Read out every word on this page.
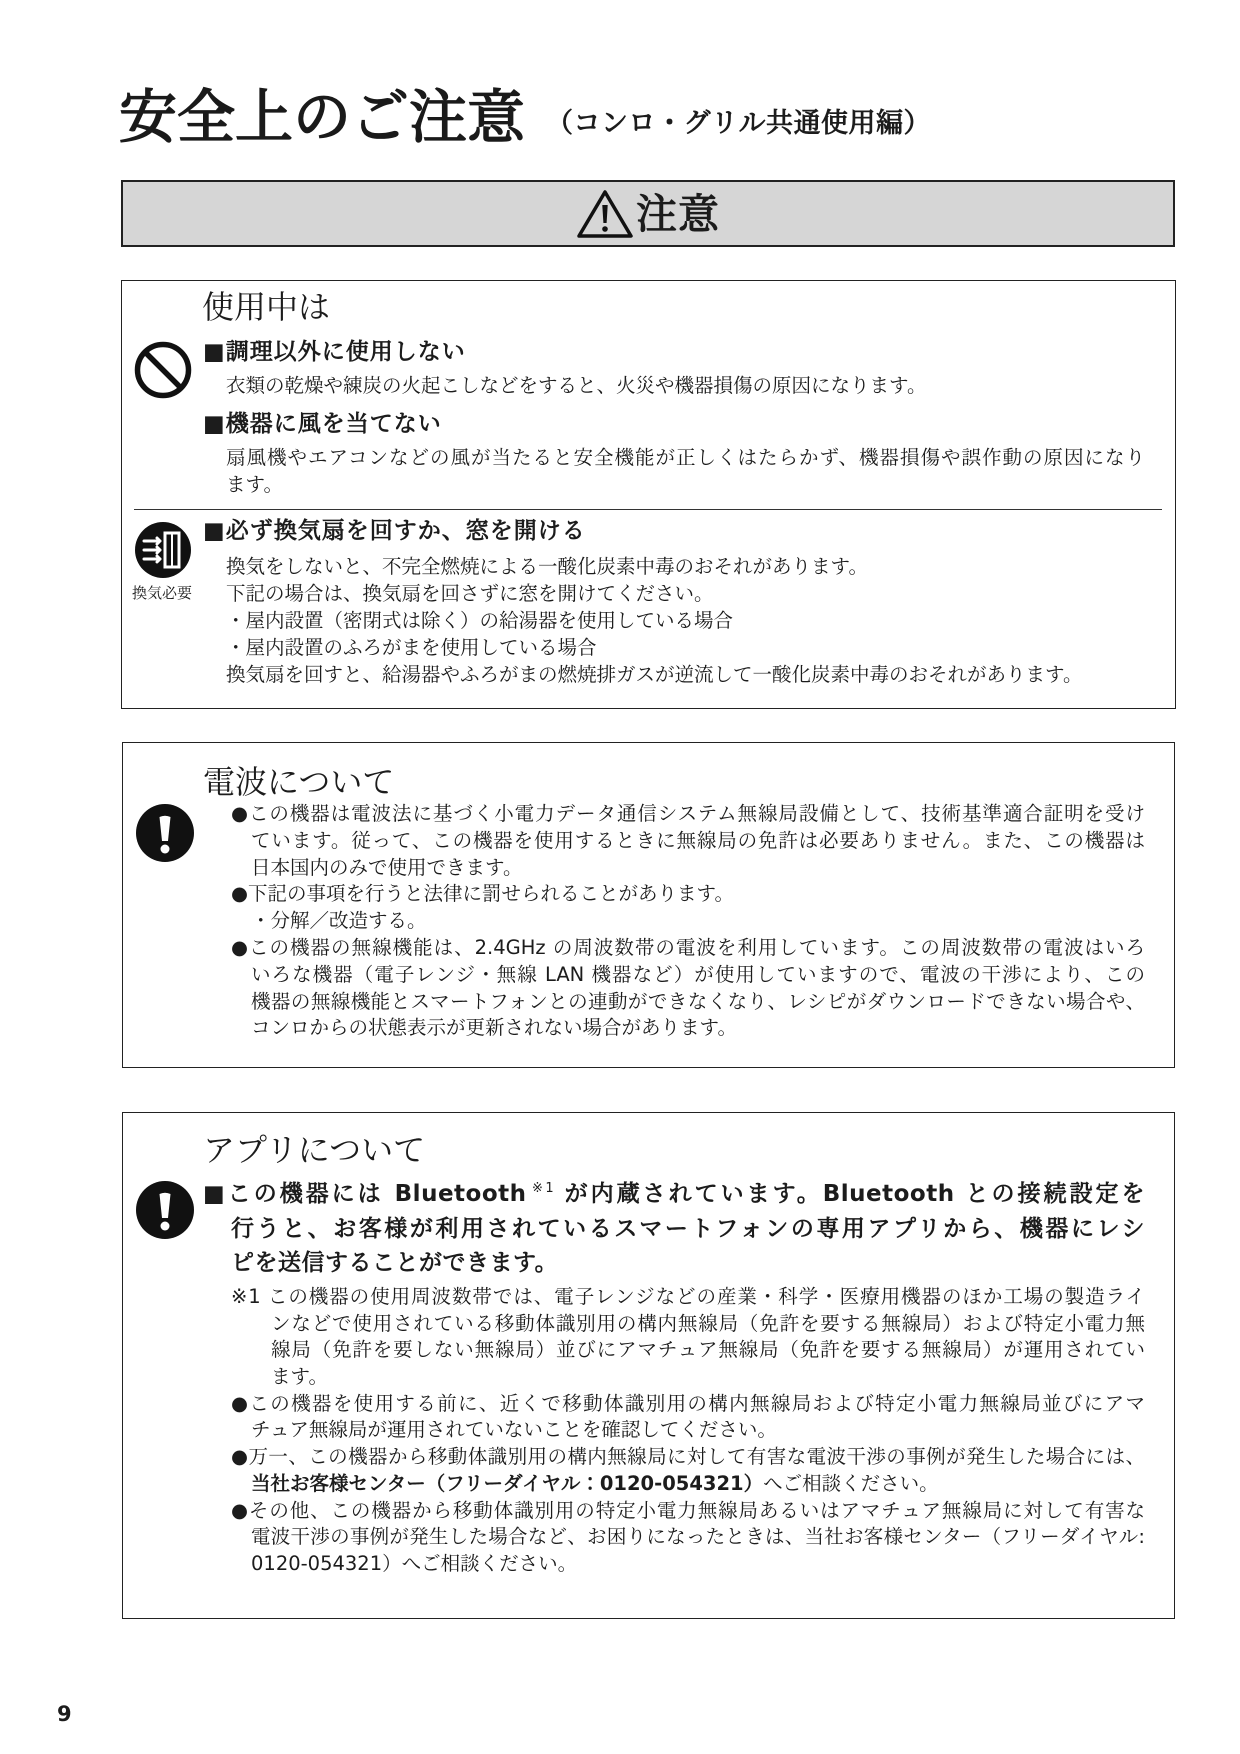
安全上のご注意 （コンロ・グリル共通使用編）
注意
使用中は
■調理以外に使用しない
衣類の乾燥や練炭の火起こしなどをすると、火災や機器損傷の原因になります。
■機器に風を当てない
扇風機やエアコンなどの風が当たると安全機能が正しくはたらかず、機器損傷や誤作動の原因になり
ます。
換気必要
■必ず換気扇を回すか、窓を開ける
換気をしないと、不完全燃焼による一酸化炭素中毒のおそれがあります。
下記の場合は、換気扇を回さずに窓を開けてください。
・屋内設置（密閉式は除く）の給湯器を使用している場合
・屋内設置のふろがまを使用している場合
換気扇を回すと、給湯器やふろがまの燃焼排ガスが逆流して一酸化炭素中毒のおそれがあります。
電波について
●この機器は電波法に基づく小電力データ通信システム無線局設備として、技術基準適合証明を受け
ています。従って、この機器を使用するときに無線局の免許は必要ありません。また、この機器は
日本国内のみで使用できます。
●下記の事項を行うと法律に罰せられることがあります。
・分解／改造する。
●この機器の無線機能は、2.4GHz の周波数帯の電波を利用しています。この周波数帯の電波はいろ
いろな機器（電子レンジ・無線 LAN 機器など）が使用していますので、電波の干渉により、この
機器の無線機能とスマートフォンとの連動ができなくなり、レシピがダウンロードできない場合や、
コンロからの状態表示が更新されない場合があります。
アプリについて
■この機器には Bluetooth $^{※1}$ が内蔵されています。Bluetooth との接続設定を
行うと、お客様が利用されているスマートフォンの専用アプリから、機器にレシ
ピを送信することができます。
※1 この機器の使用周波数帯では、電子レンジなどの産業・科学・医療用機器のほか工場の製造ライ
ンなどで使用されている移動体識別用の構内無線局（免許を要する無線局）および特定小電力無
線局（免許を要しない無線局）並びにアマチュア無線局（免許を要する無線局）が運用されてい
ます。
●この機器を使用する前に、近くで移動体識別用の構内無線局および特定小電力無線局並びにアマ
チュア無線局が運用されていないことを確認してください。
●万一、この機器から移動体識別用の構内無線局に対して有害な電波干渉の事例が発生した場合には、
当社お客様センター（フリーダイヤル：0120-054321）へご相談ください。
●その他、この機器から移動体識別用の特定小電力無線局あるいはアマチュア無線局に対して有害な
電波干渉の事例が発生した場合など、お困りになったときは、当社お客様センター（フリーダイヤル:
0120-054321）へご相談ください。
9
